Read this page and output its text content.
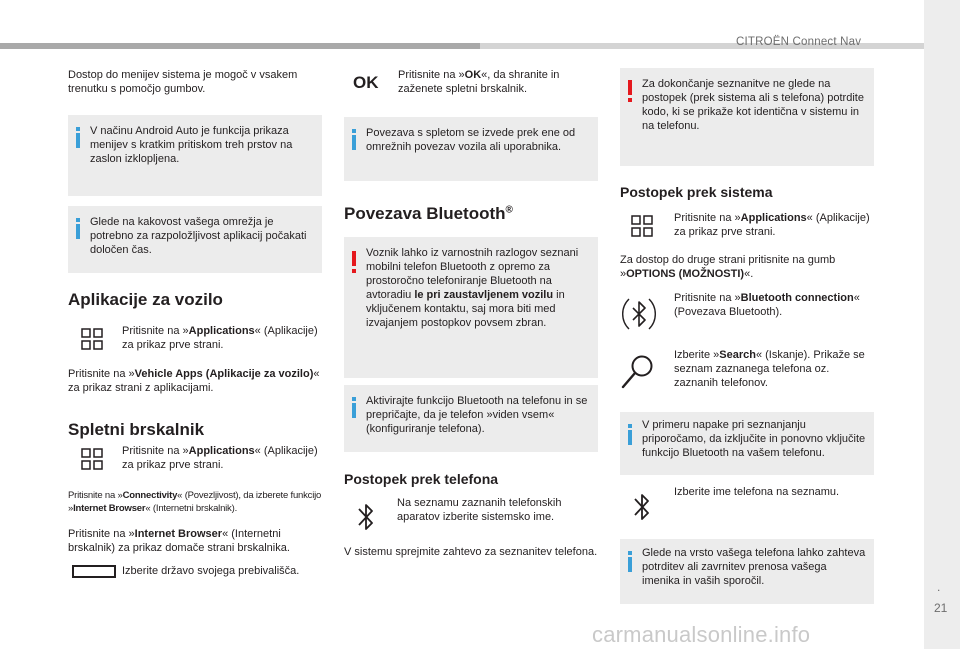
CITROËN Connect Nav
.
21

Dostop do menijev sistema je mogoč v vsakem trenutku s pomočjo gumbov.

V načinu Android Auto je funkcija prikaza menijev s kratkim pritiskom treh prstov na zaslon izklopljena.

Glede na kakovost vašega omrežja je potrebno za razpoložljivost aplikacij počakati določen čas.

Aplikacije za vozilo

Pritisnite na »Applications« (Aplikacije) za prikaz prve strani.

Pritisnite na »Vehicle Apps (Aplikacije za vozilo)« za prikaz strani z aplikacijami.

Spletni brskalnik

Pritisnite na »Applications« (Aplikacije) za prikaz prve strani.

Pritisnite na »Connectivity« (Povezljivost), da izberete funkcijo »Internet Browser« (Internetni brskalnik).

Pritisnite na »Internet Browser« (Internetni brskalnik) za prikaz domače strani brskalnika.

Izberite državo svojega prebivališča.

OK Pritisnite na »OK«, da shranite in zaženete spletni brskalnik.

Povezava s spletom se izvede prek ene od omrežnih povezav vozila ali uporabnika.

Povezava Bluetooth®

Voznik lahko iz varnostnih razlogov seznani mobilni telefon Bluetooth z opremo za prostoročno telefoniranje Bluetooth na avtoradiu le pri zaustavljenem vozilu in vključenem kontaktu, saj mora biti med izvajanjem postopkov povsem zbran.

Aktivirajte funkcijo Bluetooth na telefonu in se prepričajte, da je telefon »viden vsem« (konfiguriranje telefona).

Postopek prek telefona

Na seznamu zaznanih telefonskih aparatov izberite sistemsko ime.

V sistemu sprejmite zahtevo za seznanitev telefona.

Za dokončanje seznanitve ne glede na postopek (prek sistema ali s telefona) potrdite kodo, ki se prikaže kot identična v sistemu in na telefonu.

Postopek prek sistema

Pritisnite na »Applications« (Aplikacije) za prikaz prve strani.

Za dostop do druge strani pritisnite na gumb »OPTIONS (MOŽNOSTI)«.

Pritisnite na »Bluetooth connection« (Povezava Bluetooth).

Izberite »Search« (Iskanje). Prikaže se seznam zaznanega telefona oz. zaznanih telefonov.

V primeru napake pri seznanjanju priporočamo, da izključite in ponovno vključite funkcijo Bluetooth na vašem telefonu.

Izberite ime telefona na seznamu.

Glede na vrsto vašega telefona lahko zahteva potrditev ali zavrnitev prenosa vašega imenika in vaših sporočil.

carmanualsonline.info
